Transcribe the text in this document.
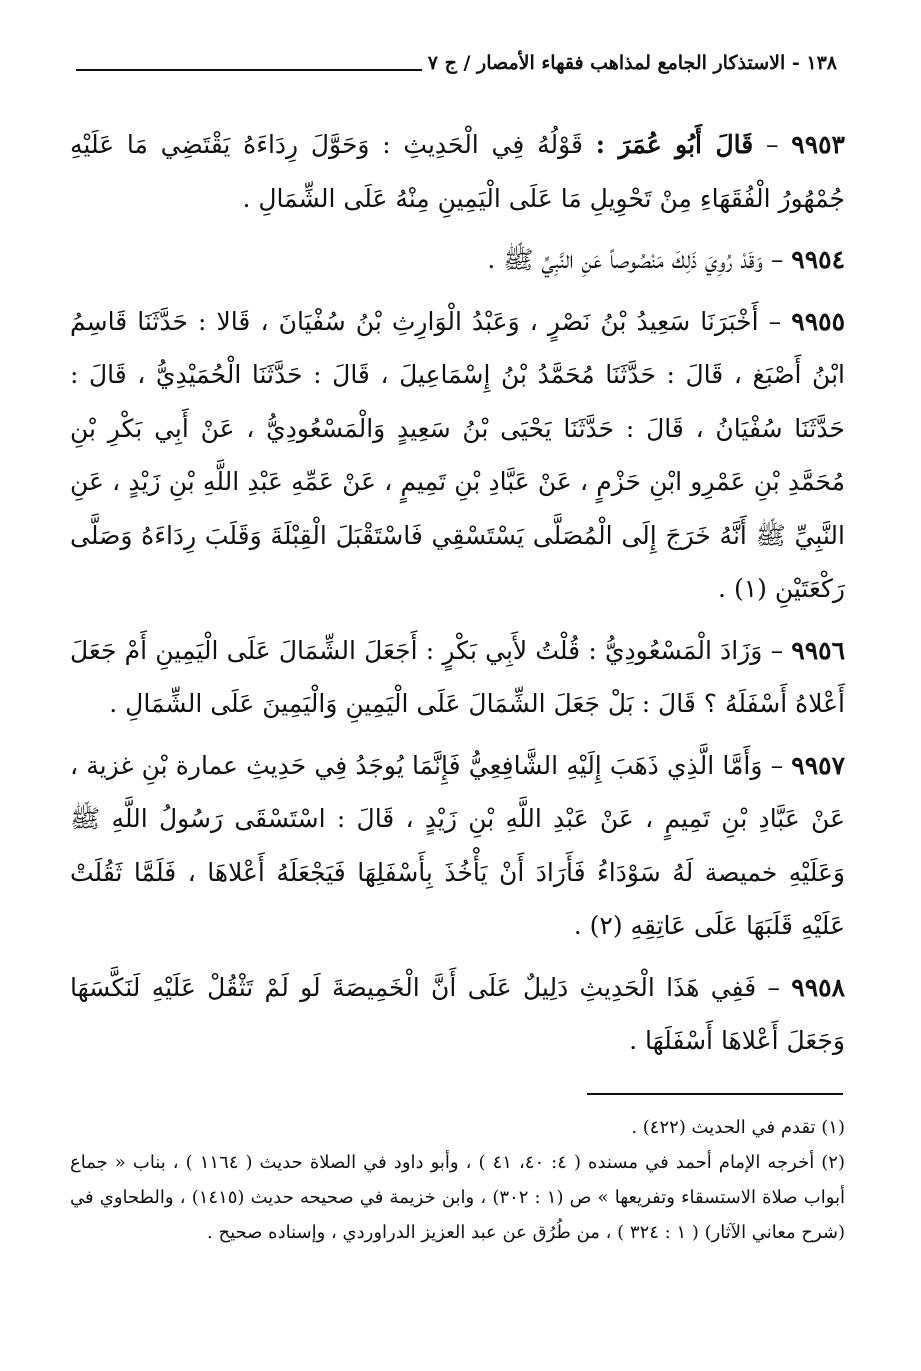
١٣٨ - الاستذكار الجامع لمذاهب فقهاء الأمصار / ج ٧

٩٩٥٣ – قَالَ أَبُو عُمَرَ : قَوْلُهُ فِي الْحَدِيثِ : وَحَوَّلَ رِدَاءَهُ يَقْتَضِي مَا عَلَيْهِ جُمْهُورُ الْفُقَهَاءِ مِنْ تَحْوِيلِ مَا عَلَى الْيَمِينِ مِنْهُ عَلَى الشِّمَالِ .

٩٩٥٤ – وَقَدْ رُوِيَ ذَلِكَ مَنْصُوصاً عَنِ النَّبِيِّ ﷺ .

٩٩٥٥ – أَخْبَرَنَا سَعِيدُ بْنُ نَصْرٍ ، وَعَبْدُ الْوَارِثِ بْنُ سُفْيَانَ ، قَالا : حَدَّثَنَا قَاسِمُ ابْنُ أَصْبَغ ، قَالَ : حَدَّثَنَا مُحَمَّدُ بْنُ إِسْمَاعِيلَ ، قَالَ : حَدَّثَنَا الْحُمَيْدِيُّ ، قَالَ : حَدَّثَنَا سُفْيَانُ ، قَالَ : حَدَّثَنَا يَحْيَى بْنُ سَعِيدٍ وَالْمَسْعُودِيُّ ، عَنْ أَبِي بَكْرِ بْنِ مُحَمَّدِ بْنِ عَمْرِو ابْنِ حَزْمٍ ، عَنْ عَبَّادِ بْنِ تَمِيمٍ ، عَنْ عَمِّهِ عَبْدِ اللَّهِ بْنِ زَيْدٍ ، عَنِ النَّبِيِّ ﷺ أَنَّهُ خَرَجَ إِلَى الْمُصَلَّى يَسْتَسْقِي فَاسْتَقْبَلَ الْقِبْلَةَ وَقَلَبَ رِدَاءَهُ وَصَلَّى رَكْعَتَيْنِ (١) .

٩٩٥٦ – وَزَادَ الْمَسْعُودِيُّ : قُلْتُ لأَبِي بَكْرٍ : أَجَعَلَ الشِّمَالَ عَلَى الْيَمِينِ أَمْ جَعَلَ أَعْلاهُ أَسْفَلَهُ ؟ قَالَ : بَلْ جَعَلَ الشِّمَالَ عَلَى الْيَمِينِ وَالْيَمِينَ عَلَى الشِّمَالِ .

٩٩٥٧ – وَأَمَّا الَّذِي ذَهَبَ إِلَيْهِ الشَّافِعِيُّ فَإِنَّمَا يُوجَدُ فِي حَدِيثِ عمارة بْنِ غزية ، عَنْ عَبَّادِ بْنِ تَمِيمٍ ، عَنْ عَبْدِ اللَّهِ بْنِ زَيْدٍ ، قَالَ : اسْتَسْقَى رَسُولُ اللَّهِ ﷺ وَعَلَيْهِ خميصة لَهُ سَوْدَاءُ فَأَرَادَ أَنْ يَأْخُذَ بِأَسْفَلِهَا فَيَجْعَلَهُ أَعْلاهَا ، فَلَمَّا ثَقُلَتْ عَلَيْهِ قَلَبَهَا عَلَى عَاتِقِهِ (٢) .

٩٩٥٨ – فَفِي هَذَا الْحَدِيثِ دَلِيلٌ عَلَى أَنَّ الْخَمِيصَةَ لَو لَمْ تَثْقُلْ عَلَيْهِ لَنَكَّسَهَا وَجَعَلَ أَعْلاهَا أَسْفَلَهَا .

(١) تقدم في الحديث (٤٢٢) .

(٢) أخرجه الإمام أحمد في مسنده ( ٤: ٤٠، ٤١ ) ، وأبو داود في الصلاة حديث ( ١١٦٤ ) ، بناب « جماع أبواب صلاة الاستسقاء وتفريعها » ص (١ : ٣٠٢) ، وابن خزيمة في صحيحه حديث (١٤١٥) ، والطحاوي في (شرح معاني الآثار) ( ١ : ٣٢٤ ) ، من طُرُق عن عبد العزيز الدراوردي ، وإسناده صحيح .
